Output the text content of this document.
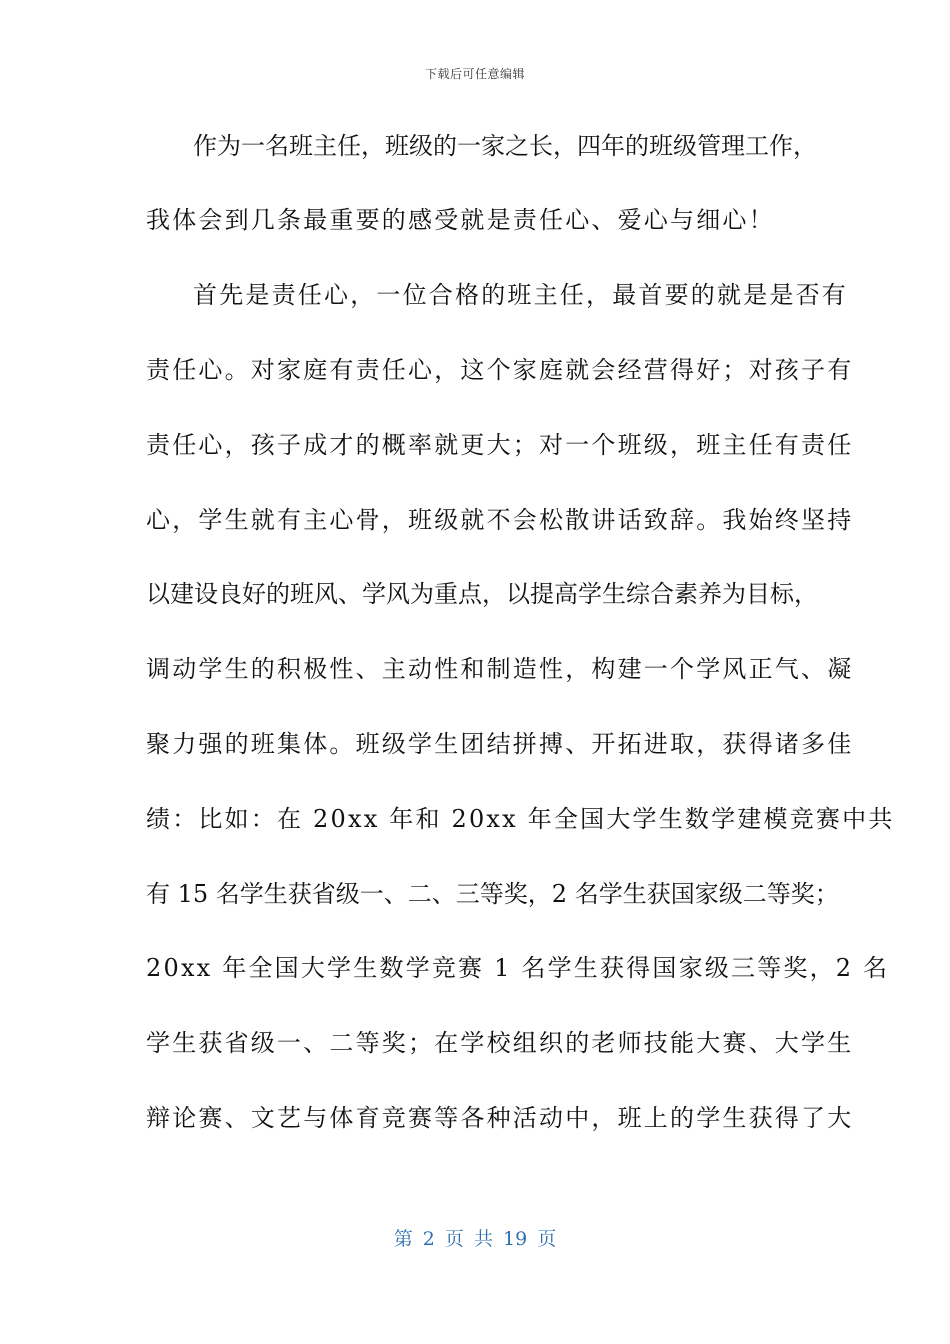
下载后可任意编辑
作为一名班主任，班级的一家之长，四年的班级管理工作，
我体会到几条最重要的感受就是责任心、爱心与细心！
首先是责任心，一位合格的班主任，最首要的就是是否有
责任心。对家庭有责任心，这个家庭就会经营得好；对孩子有
责任心，孩子成才的概率就更大；对一个班级，班主任有责任
心，学生就有主心骨，班级就不会松散讲话致辞。我始终坚持
以建设良好的班风、学风为重点，以提高学生综合素养为目标，
调动学生的积极性、主动性和制造性，构建一个学风正气、凝
聚力强的班集体。班级学生团结拼搏、开拓进取，获得诸多佳
绩：比如：在 20xx 年和 20xx 年全国大学生数学建模竞赛中共
有 15 名学生获省级一、二、三等奖，2 名学生获国家级二等奖；
20xx 年全国大学生数学竞赛 1 名学生获得国家级三等奖，2 名
学生获省级一、二等奖；在学校组织的老师技能大赛、大学生
辩论赛、文艺与体育竞赛等各种活动中，班上的学生获得了大
第 2 页 共 19 页
